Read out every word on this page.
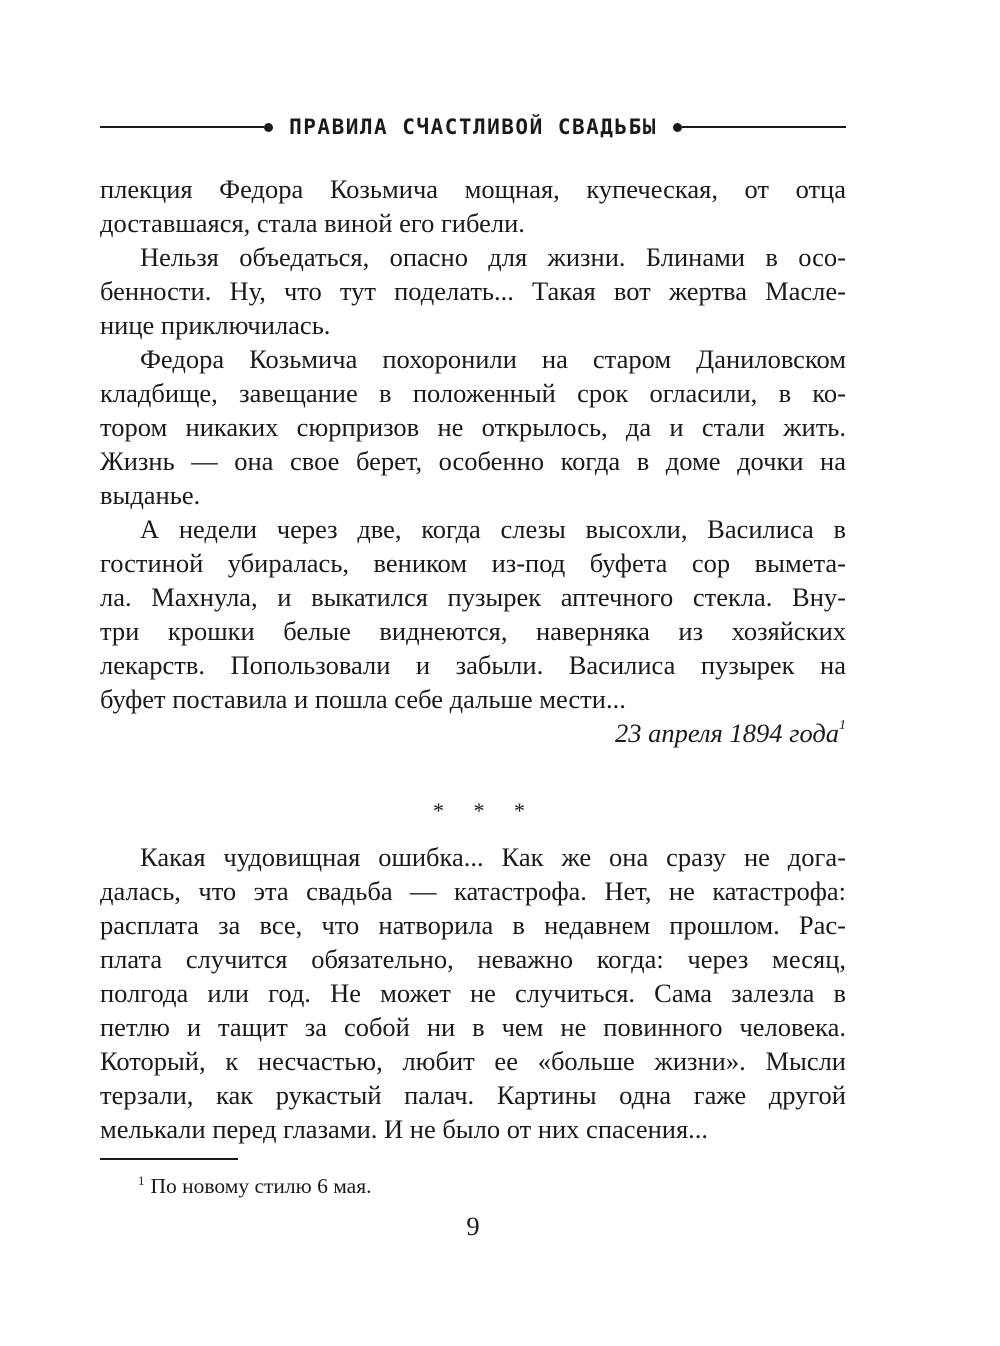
ПРАВИЛА СЧАСТЛИВОЙ СВАДЬБЫ
плекция Федора Козьмича мощная, купеческая, от отца
доставшаяся, стала виной его гибели.
Нельзя объедаться, опасно для жизни. Блинами в осо-
бенности. Ну, что тут поделать... Такая вот жертва Масле-
нице приключилась.
Федора Козьмича похоронили на старом Даниловском
кладбище, завещание в положенный срок огласили, в ко-
тором никаких сюрпризов не открылось, да и стали жить.
Жизнь — она свое берет, особенно когда в доме дочки на
выданье.
А недели через две, когда слезы высохли, Василиса в
гостиной убиралась, веником из-под буфета сор вымета-
ла. Махнула, и выкатился пузырек аптечного стекла. Вну-
три крошки белые виднеются, наверняка из хозяйских
лекарств. Попользовали и забыли. Василиса пузырек на
буфет поставила и пошла себе дальше мести...
23 апреля 1894 года$^1$
* * *
Какая чудовищная ошибка... Как же она сразу не дога-
далась, что эта свадьба — катастрофа. Нет, не катастрофа:
расплата за все, что натворила в недавнем прошлом. Рас-
плата случится обязательно, неважно когда: через месяц,
полгода или год. Не может не случиться. Сама залезла в
петлю и тащит за собой ни в чем не повинного человека.
Который, к несчастью, любит ее «больше жизни». Мысли
терзали, как рукастый палач. Картины одна гаже другой
мелькали перед глазами. И не было от них спасения...
$^1$ По новому стилю 6 мая.
9
